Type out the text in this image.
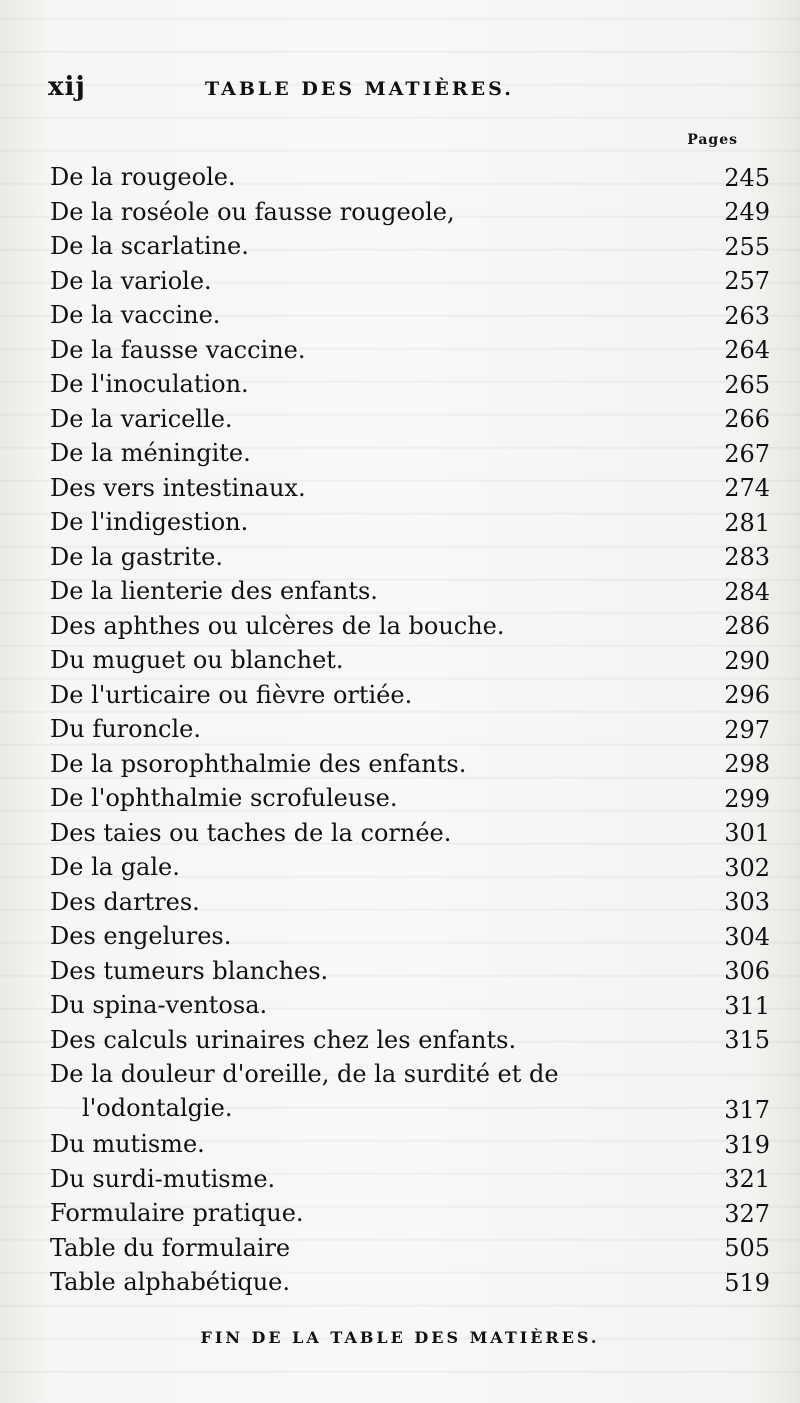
xij	TABLE DES MATIÈRES.
Pages
De la rougeole.	245
De la roséole ou fausse rougeole,	249
De la scarlatine.	255
De la variole.	257
De la vaccine.	263
De la fausse vaccine.	264
De l'inoculation.	265
De la varicelle.	266
De la méningite.	267
Des vers intestinaux.	274
De l'indigestion.	281
De la gastrite.	283
De la lienterie des enfants.	284
Des aphthes ou ulcères de la bouche.	286
Du muguet ou blanchet.	290
De l'urticaire ou fièvre ortiée.	296
Du furoncle.	297
De la psorophthalmie des enfants.	298
De l'ophthalmie scrofuleuse.	299
Des taies ou taches de la cornée.	301
De la gale.	302
Des dartres.	303
Des engelures.	304
Des tumeurs blanches.	306
Du spina-ventosa.	311
Des calculs urinaires chez les enfants.	315
De la douleur d'oreille, de la surdité et de
l'odontalgie.	317
Du mutisme.	319
Du surdi-mutisme.	321
Formulaire pratique.	327
Table du formulaire	505
Table alphabétique.	519
FIN DE LA TABLE DES MATIÈRES.
